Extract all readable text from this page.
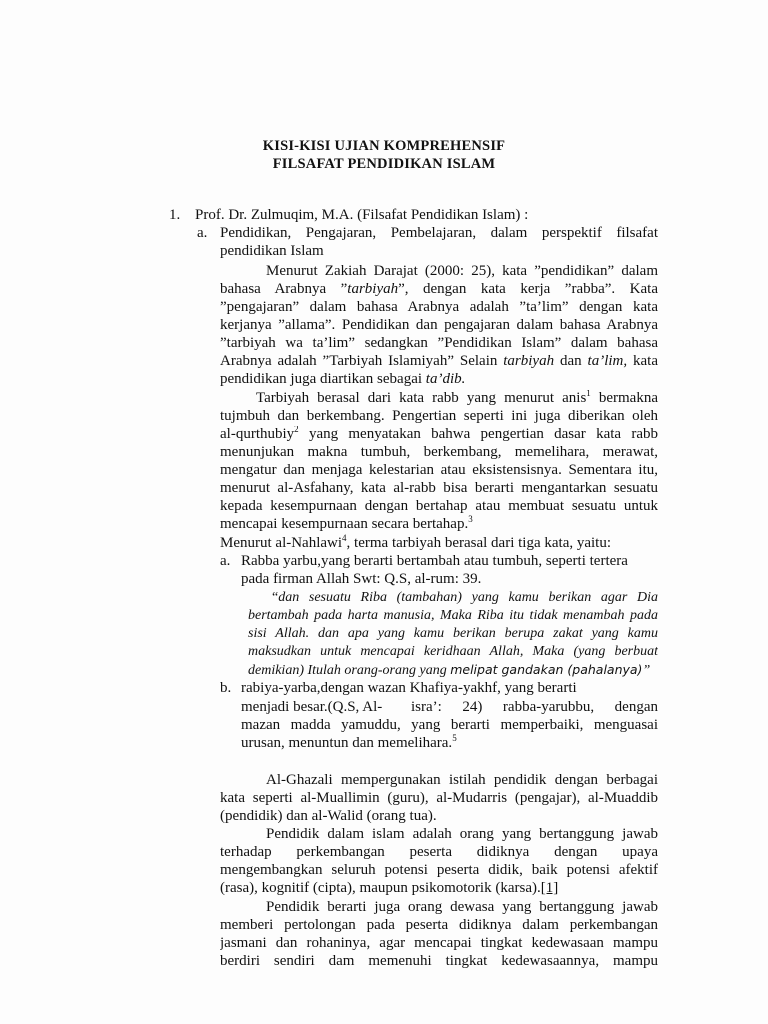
KISI-KISI UJIAN KOMPREHENSIF
FILSAFAT PENDIDIKAN ISLAM
1. Prof. Dr. Zulmuqim, M.A. (Filsafat Pendidikan Islam) :
a. Pendidikan, Pengajaran, Pembelajaran, dalam perspektif filsafat
pendidikan Islam
Menurut Zakiah Darajat (2000: 25), kata ”pendidikan” dalam
bahasa Arabnya ”tarbiyah”, dengan kata kerja ”rabba”. Kata
”pengajaran” dalam bahasa Arabnya adalah ”ta’lim” dengan kata
kerjanya ”allama”. Pendidikan dan pengajaran dalam bahasa Arabnya
”tarbiyah wa ta’lim” sedangkan ”Pendidikan Islam” dalam bahasa
Arabnya adalah ”Tarbiyah Islamiyah” Selain tarbiyah dan ta’lim, kata
pendidikan juga diartikan sebagai ta’dib.
Tarbiyah berasal dari kata rabb yang menurut anis$^1$ bermakna
tujmbuh dan berkembang. Pengertian seperti ini juga diberikan oleh
al-qurthubiy$^2$ yang menyatakan bahwa pengertian dasar kata rabb
menunjukan makna tumbuh, berkembang, memelihara, merawat,
mengatur dan menjaga kelestarian atau eksistensisnya. Sementara itu,
menurut al-Asfahany, kata al-rabb bisa berarti mengantarkan sesuatu
kepada kesempurnaan dengan bertahap atau membuat sesuatu untuk
mencapai kesempurnaan secara bertahap.$^3$
Menurut al-Nahlawi$^4$, terma tarbiyah berasal dari tiga kata, yaitu:
a. Rabba yarbu,yang berarti bertambah atau tumbuh, seperti tertera
pada firman Allah Swt: Q.S, al-rum: 39.
“dan sesuatu Riba (tambahan) yang kamu berikan agar Dia
bertambah pada harta manusia, Maka Riba itu tidak menambah pada
sisi Allah. dan apa yang kamu berikan berupa zakat yang kamu
maksudkan untuk mencapai keridhaan Allah, Maka (yang berbuat
demikian) Itulah orang-orang yang melipat gandakan (pahalanya)”
b. rabiya-yarba,dengan wazan Khafiya-yakhf, yang berarti
menjadi besar.(Q.S, Al- isra’: 24) rabba-yarubbu, dengan
mazan madda yamuddu, yang berarti memperbaiki, menguasai
urusan, menuntun dan memelihara.$^5$
Al-Ghazali mempergunakan istilah pendidik dengan berbagai
kata seperti al-Muallimin (guru), al-Mudarris (pengajar), al-Muaddib
(pendidik) dan al-Walid (orang tua).
Pendidik dalam islam adalah orang yang bertanggung jawab
terhadap perkembangan peserta didiknya dengan upaya
mengembangkan seluruh potensi peserta didik, baik potensi afektif
(rasa), kognitif (cipta), maupun psikomotorik (karsa).[1]
Pendidik berarti juga orang dewasa yang bertanggung jawab
memberi pertolongan pada peserta didiknya dalam perkembangan
jasmani dan rohaninya, agar mencapai tingkat kedewasaan mampu
berdiri sendiri dam memenuhi tingkat kedewasaannya, mampu
